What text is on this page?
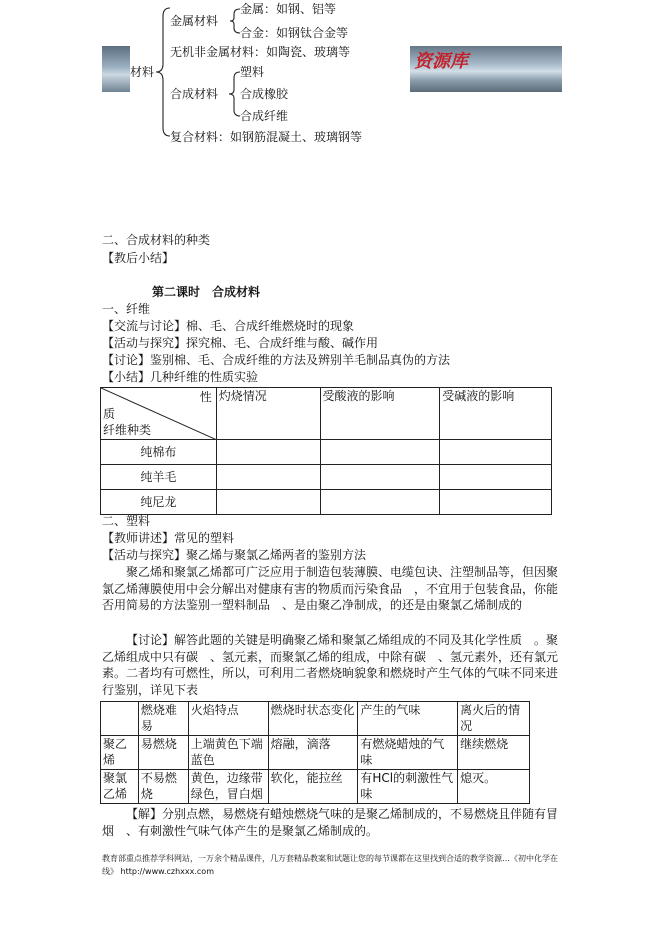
资源库
材料
金属材料
金属：如钢、铝等
合金：如钢钛合金等
无机非金属材料：如陶瓷、玻璃等
合成材料
塑料
合成橡胶
合成纤维
复合材料：如钢筋混凝土、玻璃钢等
二、合成材料的种类
【教后小结】
第二课时　合成材料
一、纤维
【交流与讨论】棉、毛、合成纤维燃烧时的现象
【活动与探究】探究棉、毛、合成纤维与酸、碱作用
【讨论】鉴别棉、毛、合成纤维的方法及辨别羊毛制品真伪的方法
【小结】几种纤维的性质实验
性
质
纤维种类	灼烧情况	受酸液的影响	受碱液的影响
纯棉布			
纯羊毛			
纯尼龙			
二、塑料
【教师讲述】常见的塑料
【活动与探究】聚乙烯与聚氯乙烯两者的鉴别方法
聚乙烯和聚氯乙烯都可广泛应用于制造包装薄膜、电缆包诀、注塑制品等，但因聚氯乙烯薄膜使用中会分解出对健康有害的物质而污染食品　，不宜用于包装食品，你能否用简易的方法鉴别一塑料制品　、是由聚乙净制成，的还是由聚氯乙烯制成的
【讨论】解答此题的关键是明确聚乙烯和聚氯乙烯组成的不同及其化学性质　。聚乙烯组成中只有碳　、氢元素，而聚氯乙烯的组成，中除有碳　、氢元素外，还有氯元素。二者均有可燃性，所以，可利用二者燃烧晌貌象和燃烧时产生气体的气味不同来进行鉴别，详见下表
	燃烧难易	火焰特点	燃烧时状态变化	产生的气味	离火后的情况
聚乙烯	易燃烧	上端黄色下端蓝色	熔融，滴落	有燃烧蜡烛的气味	继续燃烧
聚氯乙烯	不易燃烧	黄色，边缘带绿色，冒白烟	软化，能拉丝	有HCl的刺激性气味	熄灭。
【解】分别点燃，易燃烧有蜡烛燃烧气味的是聚乙烯制成的，不易燃烧且伴随有冒烟　、有刺激性气味气体产生的是聚氯乙烯制成的。
教育部重点推荐学科网站，一万余个精品课件，几万套精品教案和试题让您的每节课都在这里找到合适的教学资源…《初中化学在线》 http://www.czhxxx.com
